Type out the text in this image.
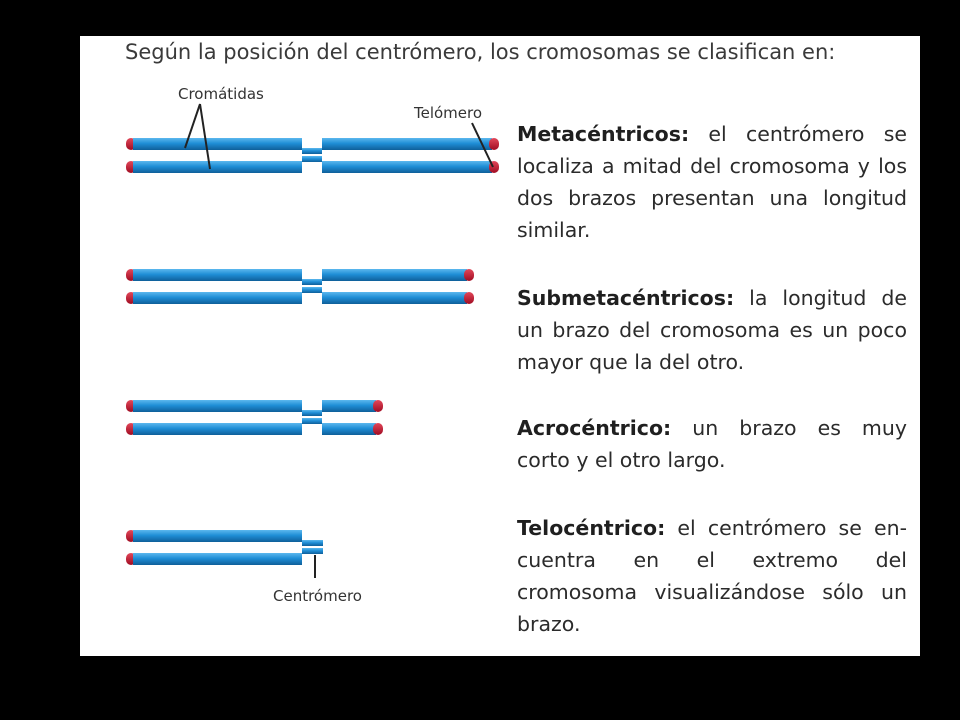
Según la posición del centrómero, los cromosomas se clasifican en:
Cromátidas
Telómero
Centrómero
Metacéntricos: el centrómero se localiza a mitad del cromosoma y los dos brazos presentan una longitud similar.
Submetacéntricos: la longitud de un brazo del cromosoma es un poco mayor que la del otro.
Acrocéntrico: un brazo es muy corto y el otro largo.
Telocéntrico: el centrómero se en-cuentra en el extremo del cromosoma visualizándose sólo un brazo.
